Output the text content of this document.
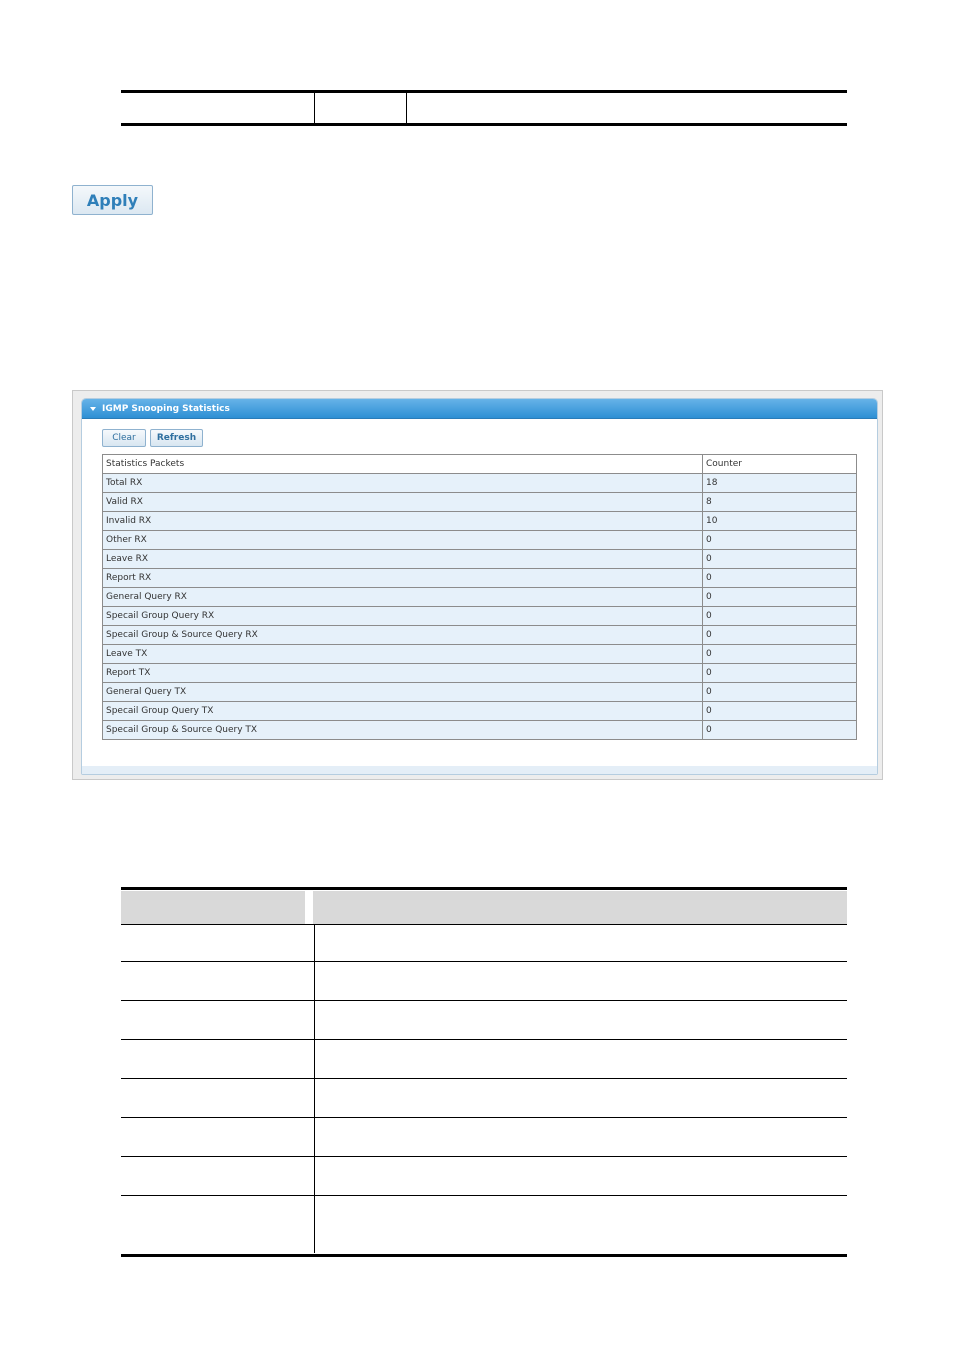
Apply
IGMP Snooping Statistics
Clear	Refresh
Statistics Packets	Counter
Total RX	18
Valid RX	8
Invalid RX	10
Other RX	0
Leave RX	0
Report RX	0
General Query RX	0
Specail Group Query RX	0
Specail Group & Source Query RX	0
Leave TX	0
Report TX	0
General Query TX	0
Specail Group Query TX	0
Specail Group & Source Query TX	0
